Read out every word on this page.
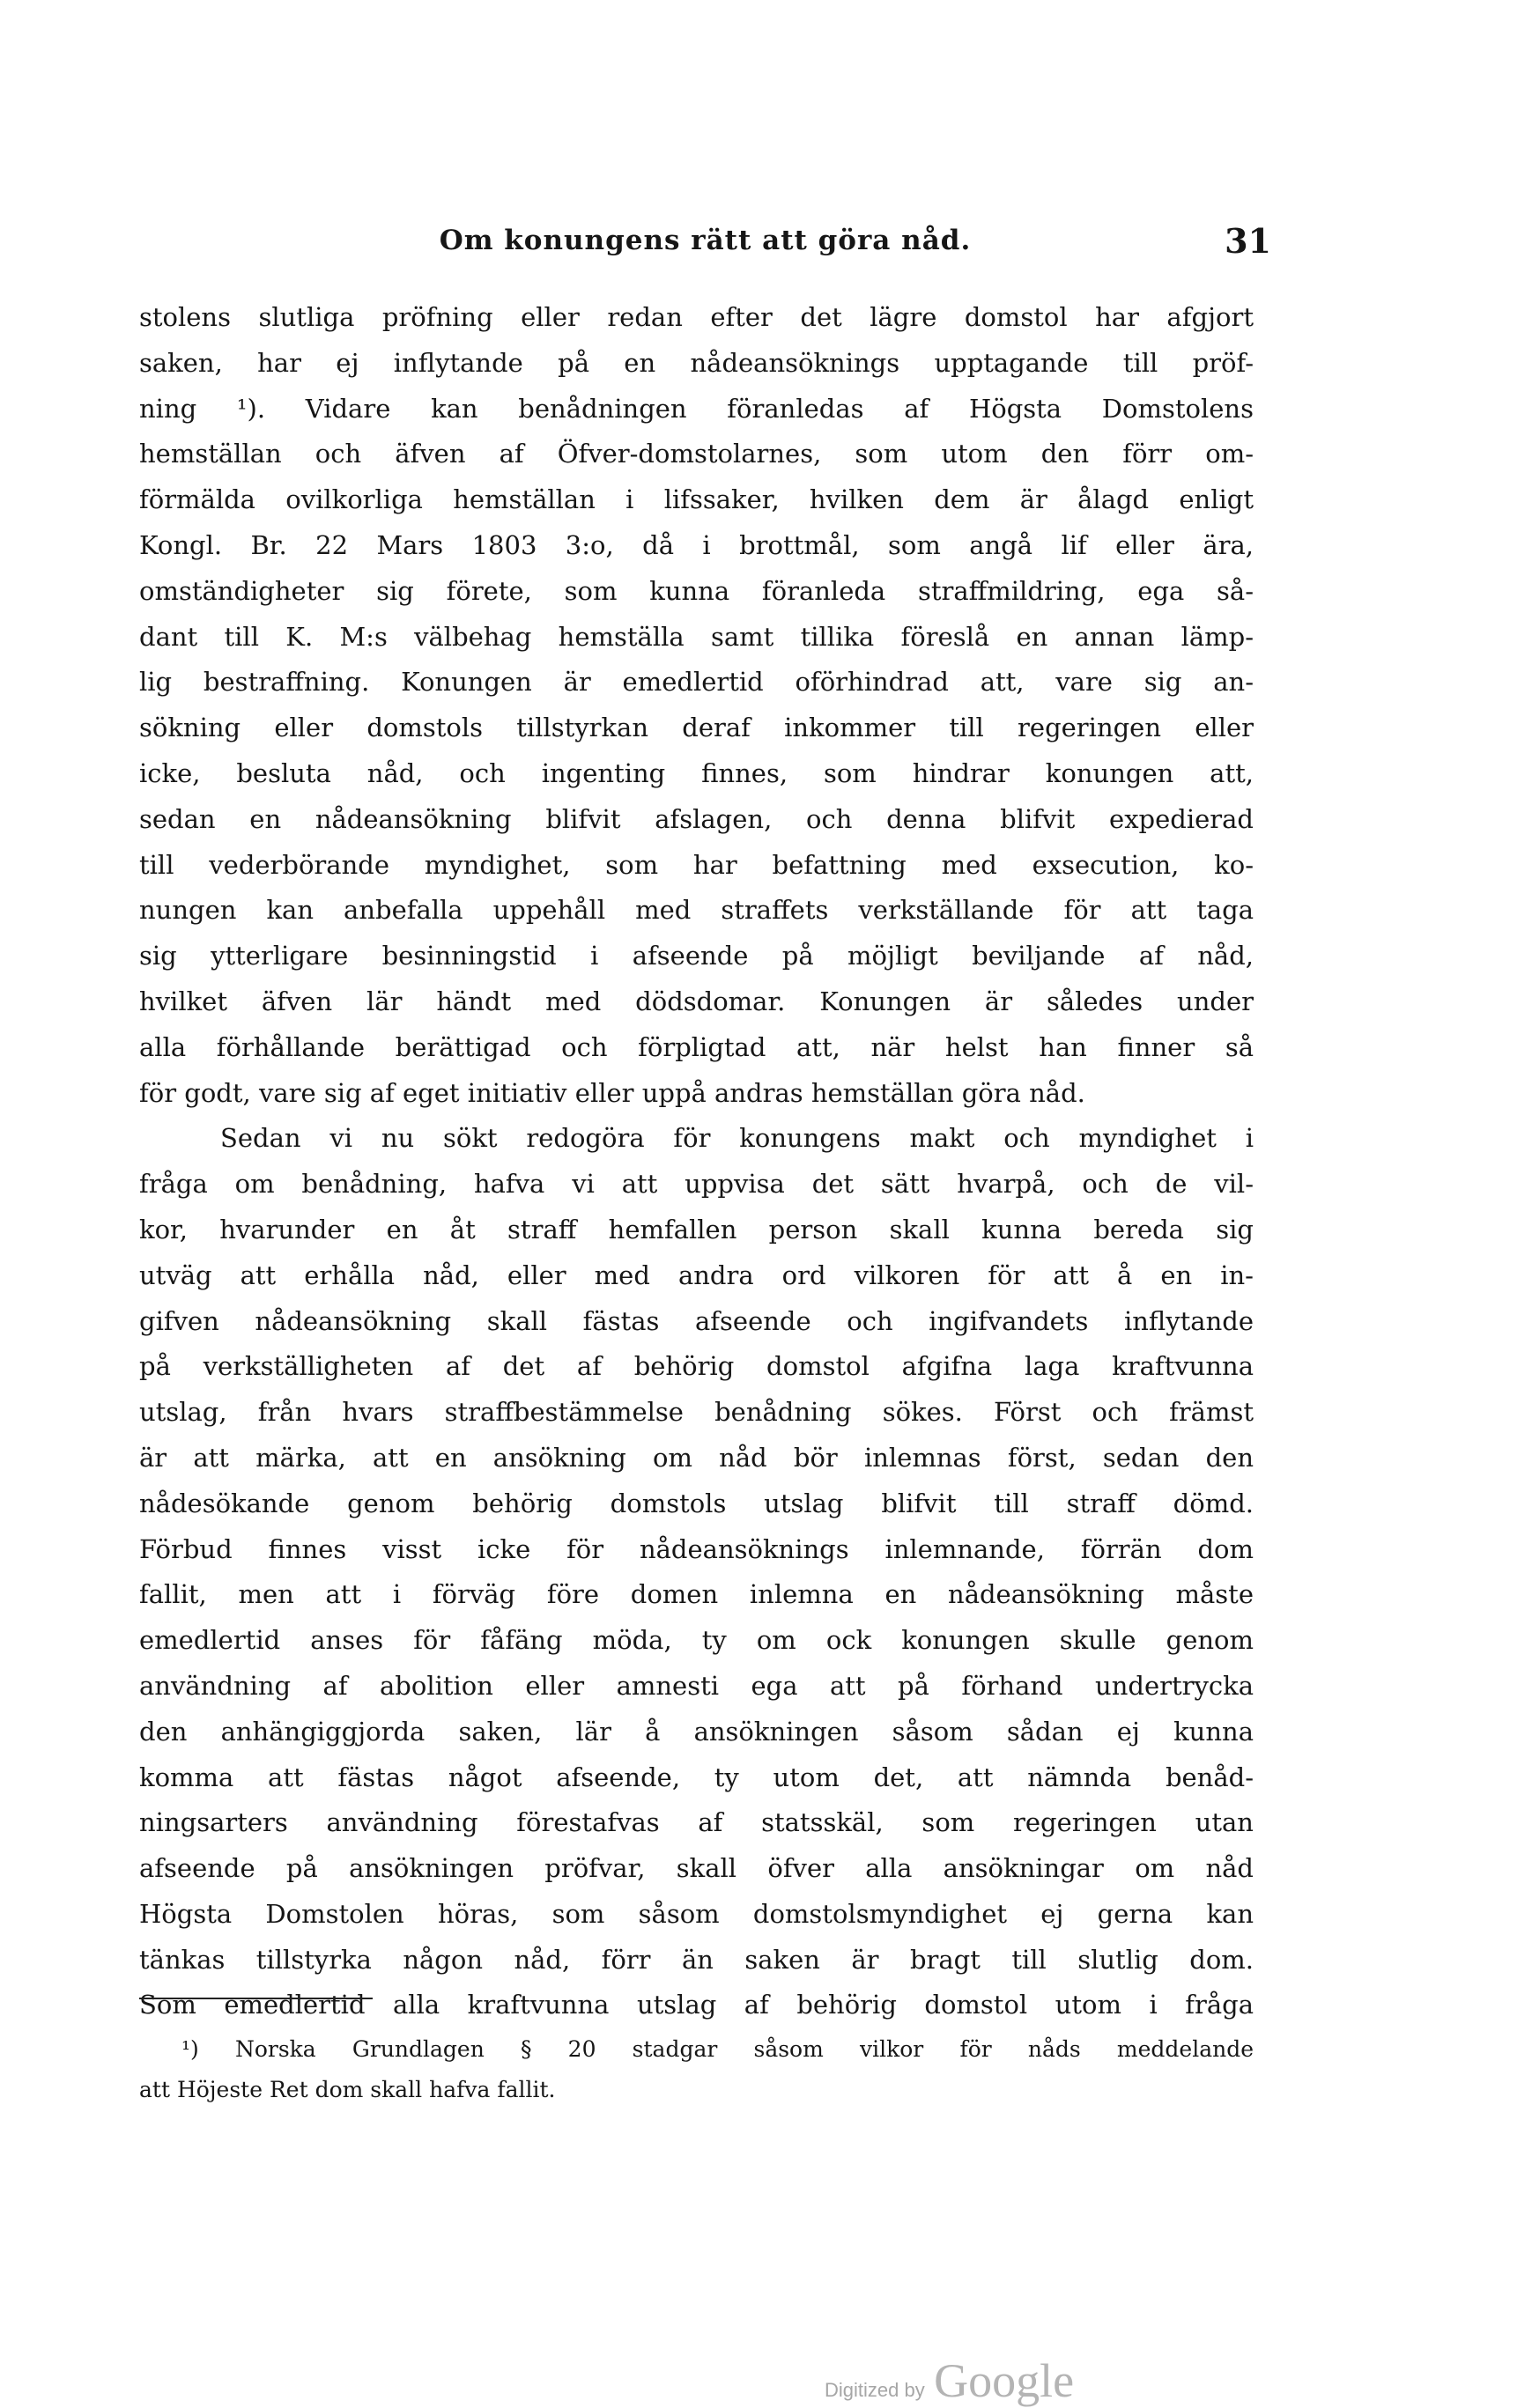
Om konungens rätt att göra nåd.	31
stolens slutliga pröfning eller redan efter det lägre domstol har afgjort
saken, har ej inflytande på en nådeansöknings upptagande till pröf-
ning ¹). Vidare kan benådningen föranledas af Högsta Domstolens
hemställan och äfven af Öfver-domstolarnes, som utom den förr om-
förmälda ovilkorliga hemställan i lifssaker, hvilken dem är ålagd enligt
Kongl. Br. 22 Mars 1803 3:o, då i brottmål, som angå lif eller ära,
omständigheter sig förete, som kunna föranleda straffmildring, ega så-
dant till K. M:s välbehag hemställa samt tillika föreslå en annan lämp-
lig bestraffning. Konungen är emedlertid oförhindrad att, vare sig an-
sökning eller domstols tillstyrkan deraf inkommer till regeringen eller
icke, besluta nåd, och ingenting finnes, som hindrar konungen att,
sedan en nådeansökning blifvit afslagen, och denna blifvit expedierad
till vederbörande myndighet, som har befattning med exsecution, ko-
nungen kan anbefalla uppehåll med straffets verkställande för att taga
sig ytterligare besinningstid i afseende på möjligt beviljande af nåd,
hvilket äfven lär händt med dödsdomar. Konungen är således under
alla förhållande berättigad och förpligtad att, när helst han finner så
för godt, vare sig af eget initiativ eller uppå andras hemställan göra nåd.
Sedan vi nu sökt redogöra för konungens makt och myndighet i
fråga om benådning, hafva vi att uppvisa det sätt hvarpå, och de vil-
kor, hvarunder en åt straff hemfallen person skall kunna bereda sig
utväg att erhålla nåd, eller med andra ord vilkoren för att å en in-
gifven nådeansökning skall fästas afseende och ingifvandets inflytande
på verkställigheten af det af behörig domstol afgifna laga kraftvunna
utslag, från hvars straffbestämmelse benådning sökes. Först och främst
är att märka, att en ansökning om nåd bör inlemnas först, sedan den
nådesökande genom behörig domstols utslag blifvit till straff dömd.
Förbud finnes visst icke för nådeansöknings inlemnande, förrän dom
fallit, men att i förväg före domen inlemna en nådeansökning måste
emedlertid anses för fåfäng möda, ty om ock konungen skulle genom
användning af abolition eller amnesti ega att på förhand undertrycka
den anhängiggjorda saken, lär å ansökningen såsom sådan ej kunna
komma att fästas något afseende, ty utom det, att nämnda benåd-
ningsarters användning förestafvas af statsskäl, som regeringen utan
afseende på ansökningen pröfvar, skall öfver alla ansökningar om nåd
Högsta Domstolen höras, som såsom domstolsmyndighet ej gerna kan
tänkas tillstyrka någon nåd, förr än saken är bragt till slutlig dom.
Som emedlertid alla kraftvunna utslag af behörig domstol utom i fråga
¹) Norska Grundlagen § 20 stadgar såsom vilkor för nåds meddelande
att Höjeste Ret dom skall hafva fallit.
Digitized by Google
